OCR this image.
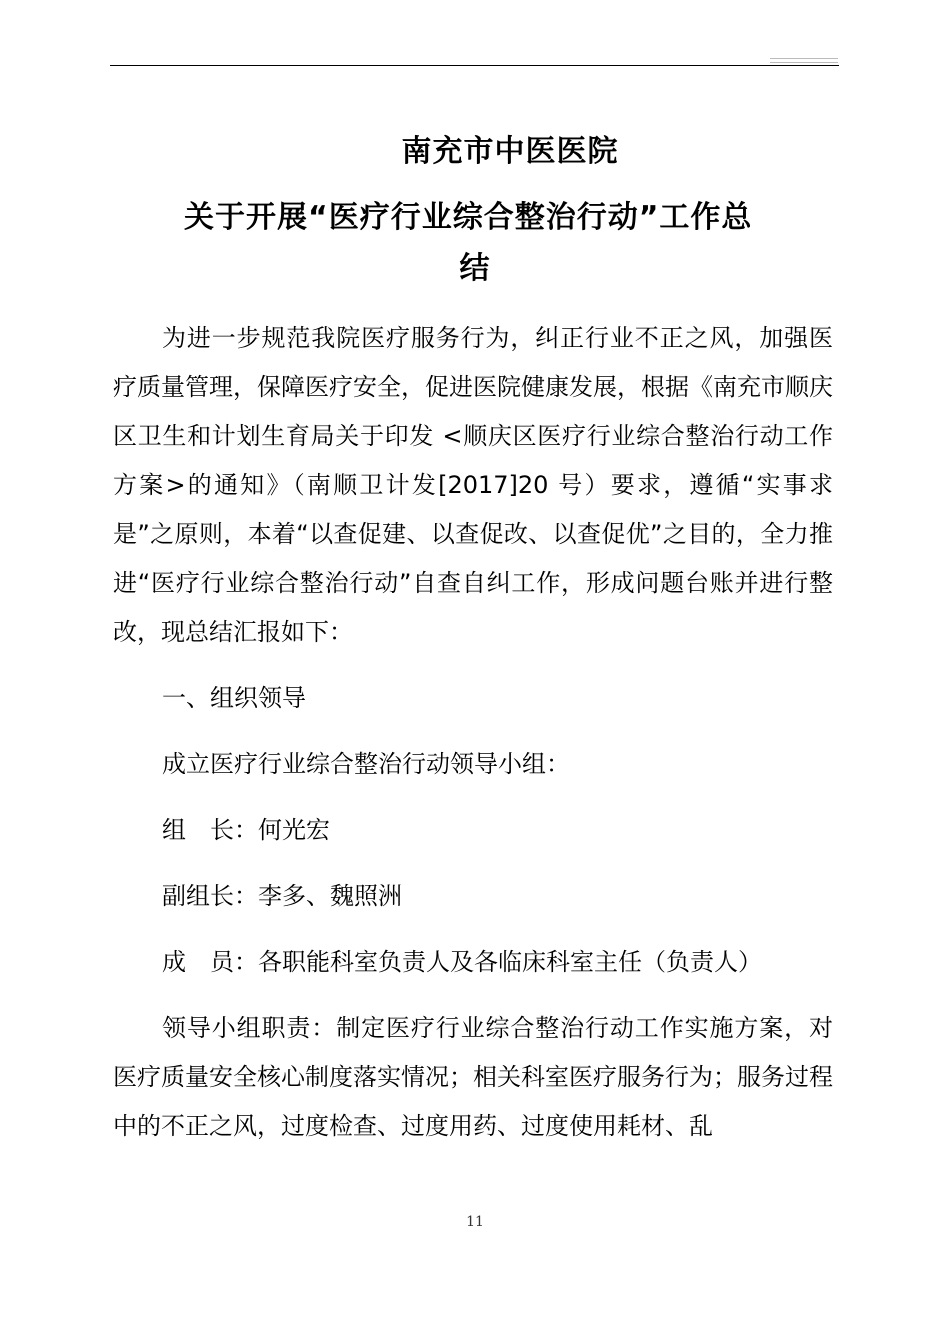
南充市中医医院
关于开展“医疗行业综合整治行动”工作总
结

为进一步规范我院医疗服务行为，纠正行业不正之风，加强医疗质量管理，保障医疗安全，促进医院健康发展，根据《南充市顺庆区卫生和计划生育局关于印发 <顺庆区医疗行业综合整治行动工作方案>的通知》（南顺卫计发[2017]20 号）要求，遵循“实事求是”之原则，本着“以查促建、以查促改、以查促优”之目的，全力推进“医疗行业综合整治行动”自查自纠工作，形成问题台账并进行整改，现总结汇报如下：

一、组织领导

成立医疗行业综合整治行动领导小组：

组　长：何光宏

副组长：李多、魏照洲

成　员：各职能科室负责人及各临床科室主任（负责人）

领导小组职责：制定医疗行业综合整治行动工作实施方案，对医疗质量安全核心制度落实情况；相关科室医疗服务行为；服务过程中的不正之风，过度检查、过度用药、过度使用耗材、乱

11
